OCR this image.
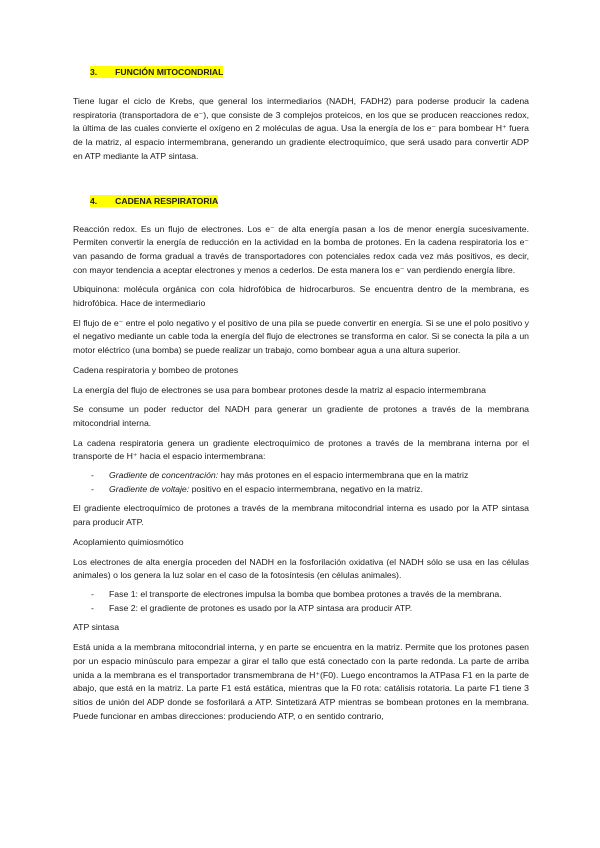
3.	FUNCIÓN MITOCONDRIAL

Tiene lugar el ciclo de Krebs, que general los intermediarios (NADH, FADH2) para poderse producir la cadena respiratoria (transportadora de e⁻), que consiste de 3 complejos proteicos, en los que se producen reacciones redox, la última de las cuales convierte el oxígeno en 2 moléculas de agua. Usa la energía de los e⁻ para bombear H⁺ fuera de la matriz, al espacio intermembrana, generando un gradiente electroquímico, que será usado para convertir ADP en ATP mediante la ATP sintasa.

4.	CADENA RESPIRATORIA

Reacción redox. Es un flujo de electrones. Los e⁻ de alta energía pasan a los de menor energía sucesivamente. Permiten convertir la energía de reducción en la actividad en la bomba de protones. En la cadena respiratoria los e⁻ van pasando de forma gradual a través de transportadores con potenciales redox cada vez más positivos, es decir, con mayor tendencia a aceptar electrones y menos a cederlos. De esta manera los e⁻ van perdiendo energía libre.

Ubiquinona: molécula orgánica con cola hidrofóbica de hidrocarburos. Se encuentra dentro de la membrana, es hidrofóbica. Hace de intermediario

El flujo de e⁻ entre el polo negativo y el positivo de una pila se puede convertir en energía. Si se une el polo positivo y el negativo mediante un cable toda la energía del flujo de electrones se transforma en calor. Si se conecta la pila a un motor eléctrico (una bomba) se puede realizar un trabajo, como bombear agua a una altura superior.

Cadena respiratoria y bombeo de protones

La energía del flujo de electrones se usa para bombear protones desde la matriz al espacio intermembrana

Se consume un poder reductor del NADH para generar un gradiente de protones a través de la membrana mitocondrial interna.

La cadena respiratoria genera un gradiente electroquímico de protones a través de la membrana interna por el transporte de H⁺ hacia el espacio intermembrana:

-	Gradiente de concentración: hay más protones en el espacio intermembrana que en la matriz
-	Gradiente de voltaje: positivo en el espacio intermembrana, negativo en la matriz.

El gradiente electroquímico de protones a través de la membrana mitocondrial interna es usado por la ATP sintasa para producir ATP.

Acoplamiento quimiosmótico

Los electrones de alta energía proceden del NADH en la fosforilación oxidativa (el NADH sólo se usa en las células animales) o los genera la luz solar en el caso de la fotosíntesis (en células animales).

-	Fase 1: el transporte de electrones impulsa la bomba que bombea protones a través de la membrana.
-	Fase 2: el gradiente de protones es usado por la ATP sintasa ara producir ATP.

ATP sintasa

Está unida a la membrana mitocondrial interna, y en parte se encuentra en la matriz. Permite que los protones pasen por un espacio minúsculo para empezar a girar el tallo que está conectado con la parte redonda. La parte de arriba unida a la membrana es el transportador transmembrana de H⁺(F0). Luego encontramos la ATPasa F1 en la parte de abajo, que está en la matriz. La parte F1 está estática, mientras que la F0 rota: catálisis rotatoria. La parte F1 tiene 3 sitios de unión del ADP donde se fosforilará a ATP. Sintetizará ATP mientras se bombean protones en la membrana. Puede funcionar en ambas direcciones: produciendo ATP, o en sentido contrario,
